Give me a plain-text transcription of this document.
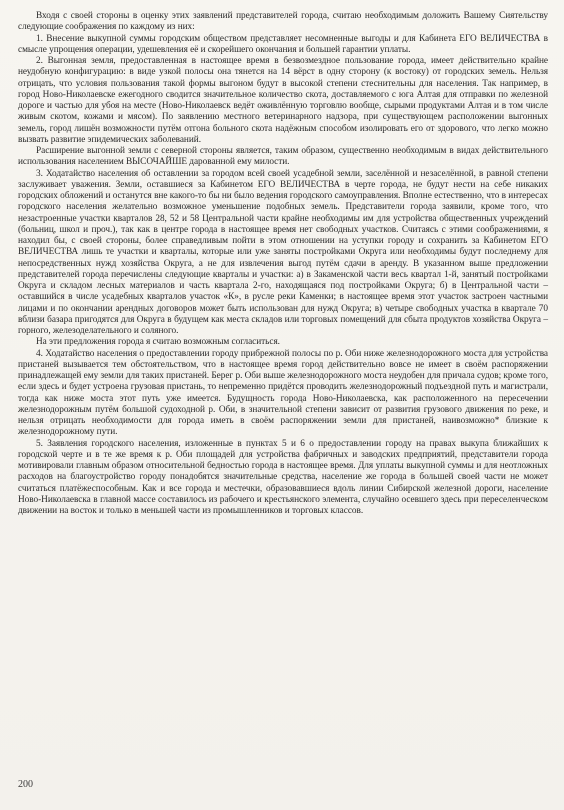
Входя с своей стороны в оценку этих заявлений представителей города, считаю необходимым доложить Вашему Сиятельству следующие соображения по каждому из них:

1. Внесение выкупной суммы городским обществом представляет несомненные выгоды и для Кабинета ЕГО ВЕЛИЧЕСТВА в смысле упрощения операции, удешевления её и скорейшего окончания и большей гарантии уплаты.

2. Выгонная земля, предоставленная в настоящее время в безвозмездное пользование города, имеет действительно крайне неудобную конфигурацию: в виде узкой полосы она тянется на 14 вёрст в одну сторону (к востоку) от городских земель. Нельзя отрицать, что условия пользования такой формы выгоном будут в высокой степени стеснительны для населения. Так например, в город Ново-Николаевске ежегодного сводится значительное количество скота, доставляемого с юга Алтая для отправки по железной дороге и частью для убоя на месте (Ново-Николаевск ведёт оживлённую торговлю вообще, сырыми продуктами Алтая и в том числе живым скотом, кожами и мясом). По заявлению местного ветеринарного надзора, при существующем расположении выгонных земель, город лишён возможности путём отгона больного скота надёжным способом изолировать его от здорового, что легко можно вызвать развитие эпидемических заболеваний.

Расширение выгонной земли с северной стороны является, таким образом, существенно необходимым в видах действительного использования населением ВЫСОЧАЙШЕ дарованной ему милости.

3. Ходатайство населения об оставлении за городом всей своей усадебной земли, заселённой и незаселённой, в равной степени заслуживает уважения. Земли, оставшиеся за Кабинетом ЕГО ВЕЛИЧЕСТВА в черте города, не будут нести на себе никаких городских обложений и останутся вне какого-то бы ни было ведения городского самоуправления. Вполне естественно, что в интересах городского населения желательно возможное уменьшение подобных земель. Представители города заявили, кроме того, что незастроенные участки кварталов 28, 52 и 58 Центральной части крайне необходимы им для устройства общественных учреждений (больниц, школ и проч.), так как в центре города в настоящее время нет свободных участков. Считаясь с этими соображениями, я находил бы, с своей стороны, более справедливым пойти в этом отношении на уступки городу и сохранить за Кабинетом ЕГО ВЕЛИЧЕСТВА лишь те участки и кварталы, которые или уже заняты постройками Округа или необходимы будут последнему для непосредственных нужд хозяйства Округа, а не для извлечения выгод путём сдачи в аренду. В указанном выше предложении представителей города перечислены следующие кварталы и участки: а) в Закаменской части весь квартал 1-й, занятый постройками Округа и складом лесных материалов и часть квартала 2-го, находящаяся под постройками Округа; б) в Центральной части – оставшийся в числе усадебных кварталов участок «К», в русле реки Каменки; в настоящее время этот участок застроен частными лицами и по окончании арендных договоров может быть использован для нужд Округа; в) четыре свободных участка в квартале 70 вблизи базара пригодятся для Округа в будущем как места складов или торговых помещений для сбыта продуктов хозяйства Округа – горного, железоделательного и соляного.

На эти предложения города я считаю возможным согласиться.

4. Ходатайство населения о предоставлении городу прибрежной полосы по р. Оби ниже железнодорожного моста для устройства пристаней вызывается тем обстоятельством, что в настоящее время город действительно вовсе не имеет в своём распоряжении принадлежащей ему земли для таких пристаней. Берег р. Оби выше железнодорожного моста неудобен для причала судов; кроме того, если здесь и будет устроена грузовая пристань, то непременно придётся проводить железнодорожный подъездной путь и магистрали, тогда как ниже моста этот путь уже имеется. Будущность города Ново-Николаевска, как расположенного на пересечении железнодорожным путём большой судоходной р. Оби, в значительной степени зависит от развития грузового движения по реке, и нельзя отрицать необходимости для города иметь в своём распоряжении земли для пристаней, наивозможно* близкие к железнодорожному пути.

5. Заявления городского населения, изложенные в пунктах 5 и 6 о предоставлении городу на правах выкупа ближайших к городской черте и в те же время к р. Оби площадей для устройства фабричных и заводских предприятий, представители города мотивировали главным образом относительной бедностью города в настоящее время. Для уплаты выкупной суммы и для неотложных расходов на благоустройство городу понадобятся значительные средства, население же города в большей своей части не может считаться платёжеспособным. Как и все города и местечки, образовавшиеся вдоль линии Сибирской железной дороги, население Ново-Николаевска в главной массе составилось из рабочего и крестьянского элемента, случайно осевшего здесь при переселенческом движении на восток и только в меньшей части из промышленников и торговых классов.

200
